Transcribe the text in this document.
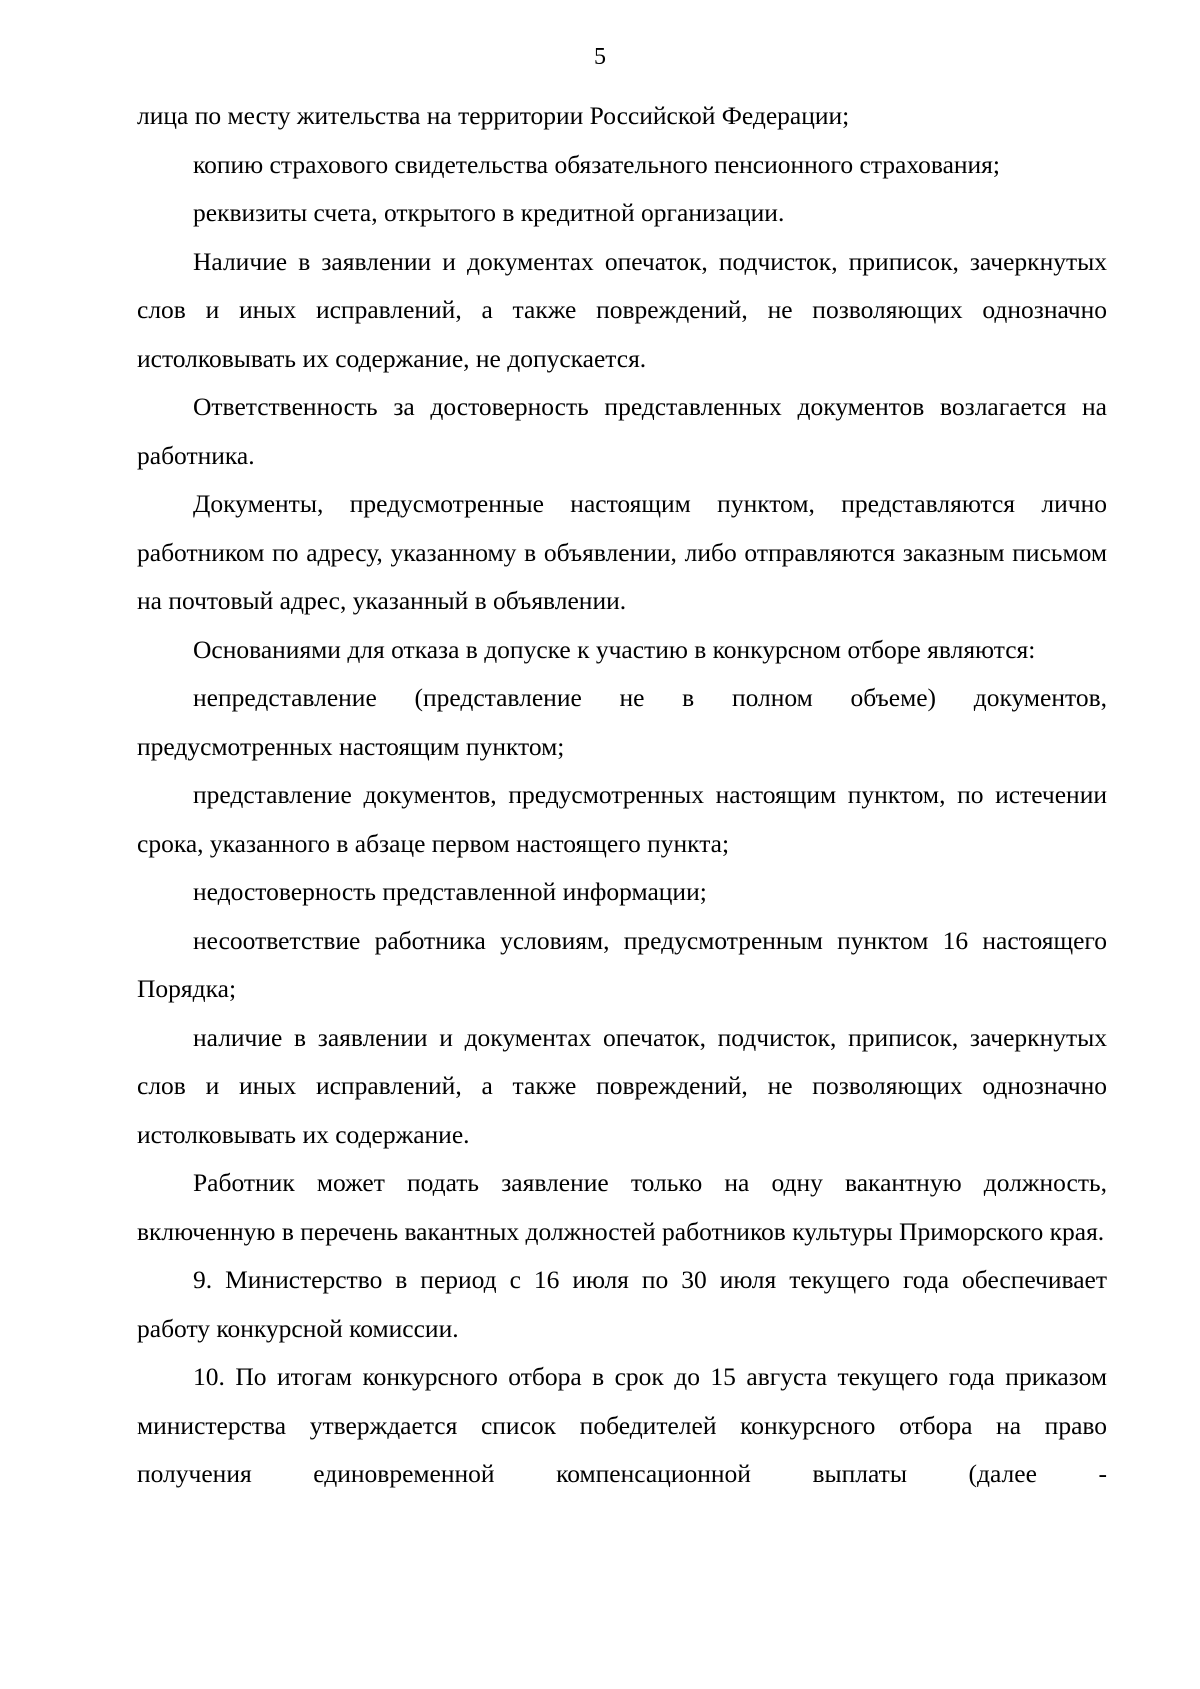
5

лица по месту жительства на территории Российской Федерации;

копию страхового свидетельства обязательного пенсионного страхования;

реквизиты счета, открытого в кредитной организации.

Наличие в заявлении и документах опечаток, подчисток, приписок, зачеркнутых слов и иных исправлений, а также повреждений, не позволяющих однозначно истолковывать их содержание, не допускается.

Ответственность за достоверность представленных документов возлагается на работника.

Документы, предусмотренные настоящим пунктом, представляются лично работником по адресу, указанному в объявлении, либо отправляются заказным письмом на почтовый адрес, указанный в объявлении.

Основаниями для отказа в допуске к участию в конкурсном отборе являются:

непредставление (представление не в полном объеме) документов, предусмотренных настоящим пунктом;

представление документов, предусмотренных настоящим пунктом, по истечении срока, указанного в абзаце первом настоящего пункта;

недостоверность представленной информации;

несоответствие работника условиям, предусмотренным пунктом 16 настоящего Порядка;

наличие в заявлении и документах опечаток, подчисток, приписок, зачеркнутых слов и иных исправлений, а также повреждений, не позволяющих однозначно истолковывать их содержание.

Работник может подать заявление только на одну вакантную должность, включенную в перечень вакантных должностей работников культуры Приморского края.

9. Министерство в период с 16 июля по 30 июля текущего года обеспечивает работу конкурсной комиссии.

10. По итогам конкурсного отбора в срок до 15 августа текущего года приказом министерства утверждается список победителей конкурсного отбора на право получения единовременной компенсационной выплаты (далее -
